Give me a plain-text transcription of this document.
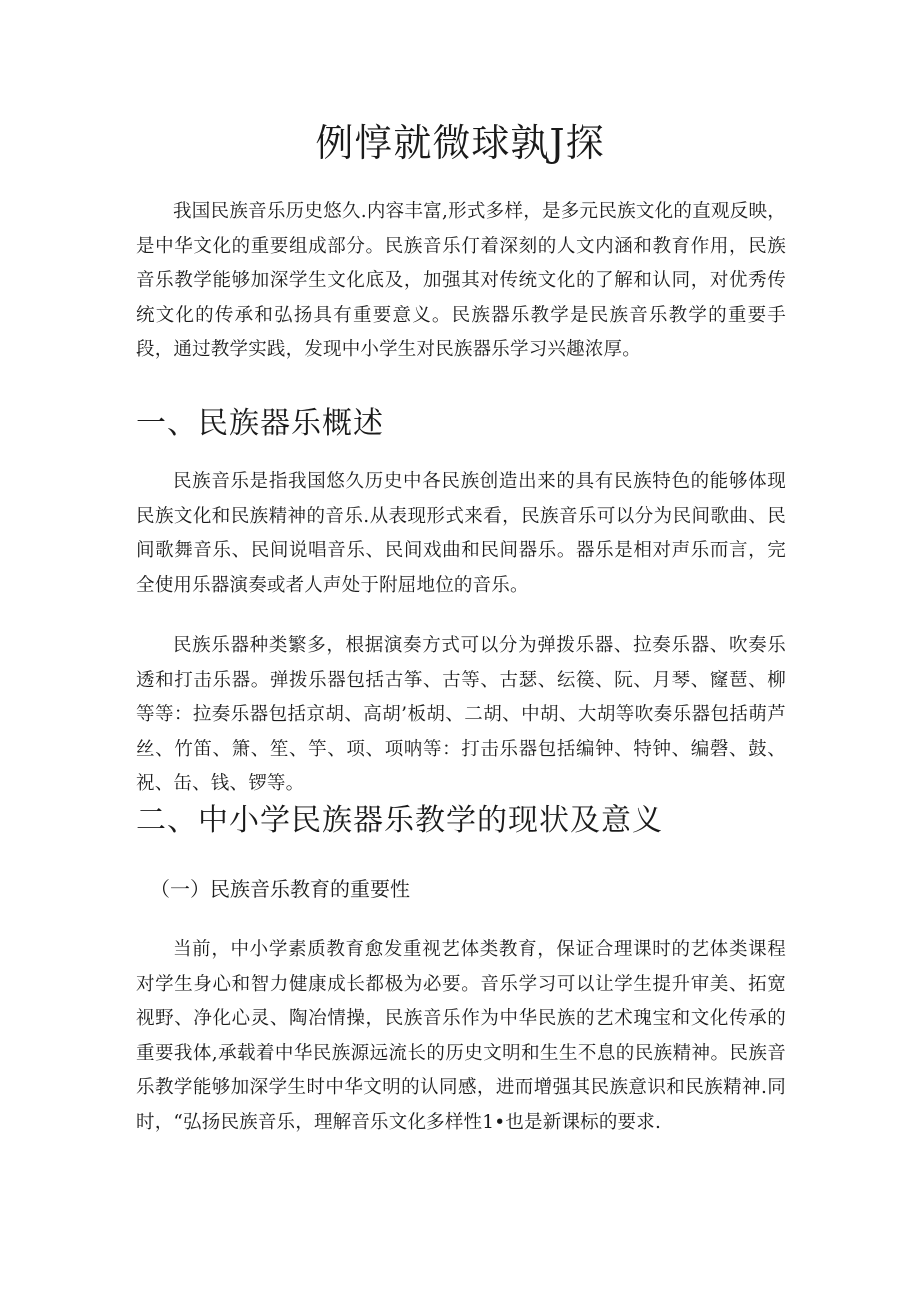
例惇就微球孰J探

我国民族音乐历史悠久.内容丰富,形式多样，是多元民族文化的直观反映，是中华文化的重要组成部分。民族音乐仃着深刻的人文内涵和教育作用，民族音乐教学能够加深学生文化底及，加强其对传统文化的了解和认同，对优秀传统文化的传承和弘扬具有重要意义。民族器乐教学是民族音乐教学的重要手段，通过教学实践，发现中小学生对民族器乐学习兴趣浓厚。

一、民族器乐概述

民族音乐是指我国悠久历史中各民族创造出来的具有民族特色的能够体现民族文化和民族精神的音乐.从表现形式来看，民族音乐可以分为民间歌曲、民间歌舞音乐、民间说唱音乐、民间戏曲和民间器乐。器乐是相对声乐而言，完全使用乐器演奏或者人声处于附屈地位的音乐。

民族乐器种类繁多，根据演奏方式可以分为弹拨乐器、拉奏乐器、吹奏乐透和打击乐器。弹拨乐器包括古筝、古等、古瑟、纭篌、阮、月琴、窿琶、柳等等：拉奏乐器包括京胡、高胡’板胡、二胡、中胡、大胡等吹奏乐器包括萌芦丝、竹笛、箫、笙、竽、项、项呐等：打击乐器包括编钟、特钟、编磬、鼓、祝、缶、钱、锣等。

二、中小学民族器乐教学的现状及意义
（一）民族音乐教育的重要性

当前，中小学素质教育愈发重视艺体类教育，保证合理课时的艺体类课程对学生身心和智力健康成长都极为必要。音乐学习可以让学生提升审美、拓宽视野、净化心灵、陶冶情操，民族音乐作为中华民族的艺术瑰宝和文化传承的重要我体,承载着中华民族源远流长的历史文明和生生不息的民族精神。民族音乐教学能够加深学生时中华文明的认同感，进而增强其民族意识和民族精神.同时，“弘扬民族音乐，理解音乐文化多样性1•也是新课标的要求.
